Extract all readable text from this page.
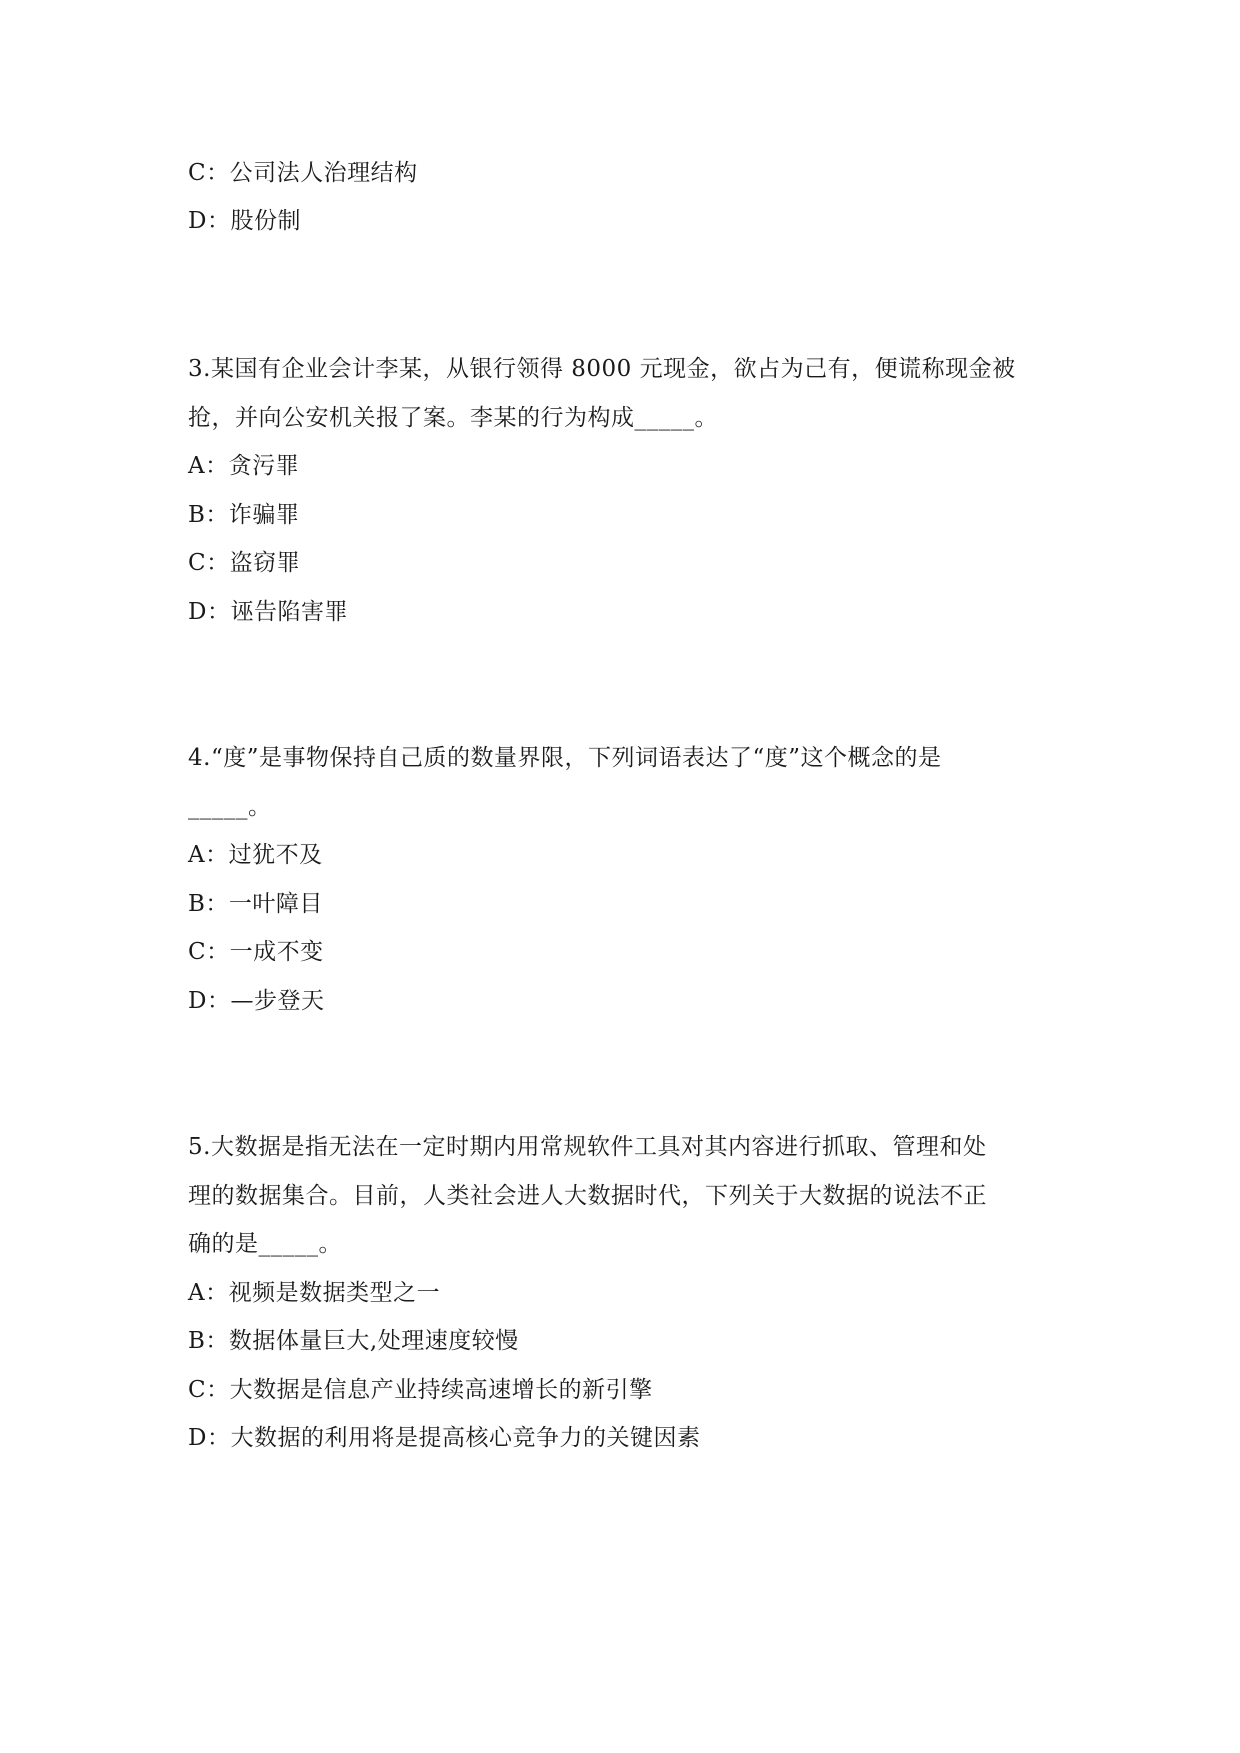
C：公司法人治理结构
D：股份制
3.某国有企业会计李某，从银行领得 8000 元现金，欲占为己有，便谎称现金被
抢，并向公安机关报了案。李某的行为构成_____。
A：贪污罪
B：诈骗罪
C：盗窃罪
D：诬告陷害罪
4.“度”是事物保持自己质的数量界限，下列词语表达了“度”这个概念的是
_____。
A：过犹不及
B：一叶障目
C：一成不变
D：—步登天
5.大数据是指无法在一定时期内用常规软件工具对其内容进行抓取、管理和处
理的数据集合。目前，人类社会进人大数据时代，下列关于大数据的说法不正
确的是_____。
A：视频是数据类型之一
B：数据体量巨大,处理速度较慢
C：大数据是信息产业持续高速增长的新引擎
D：大数据的利用将是提高核心竞争力的关键因素
